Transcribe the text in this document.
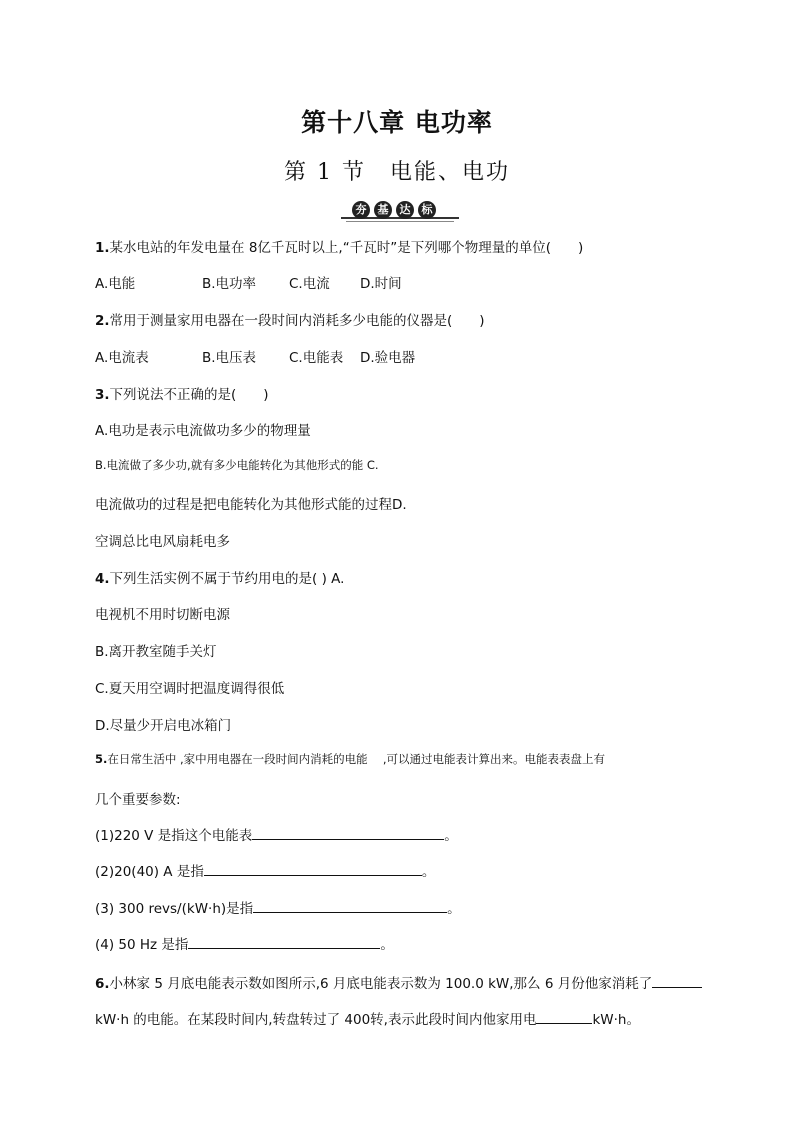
第十八章 电功率
第 1 节　电能、电功
夯	基	达	标
1.某水电站的年发电量在 8亿千瓦时以上,“千瓦时”是下列哪个物理量的单位(　　)
A.电能	B.电功率 C.电流 D.时间
2.常用于测量家用电器在一段时间内消耗多少电能的仪器是(　　)
A.电流表	B.电压表 C.电能表 D.验电器
3.下列说法不正确的是(　　)
A.电功是表示电流做功多少的物理量
B.电流做了多少功,就有多少电能转化为其他形式的能 C.
电流做功的过程是把电能转化为其他形式能的过程D.
空调总比电风扇耗电多
4.下列生活实例不属于节约用电的是( ) A.
电视机不用时切断电源
B.离开教室随手关灯
C.夏天用空调时把温度调得很低
D.尽量少开启电冰箱门
5.在日常生活中 ,家中用电器在一段时间内消耗的电能　 ,可以通过电能表计算出来。电能表表盘上有
几个重要参数:
(1)220 V 是指这个电能表	。
(2)20(40) A 是指	。
(3) 300 revs/(kW·h)是指	。
(4) 50 Hz 是指	。
6.小林家 5 月底电能表示数如图所示,6 月底电能表示数为 100.0 kW,那么 6 月份他家消耗了
kW·h 的电能。在某段时间内,转盘转过了 400转,表示此段时间内他家用电	kW·h。
